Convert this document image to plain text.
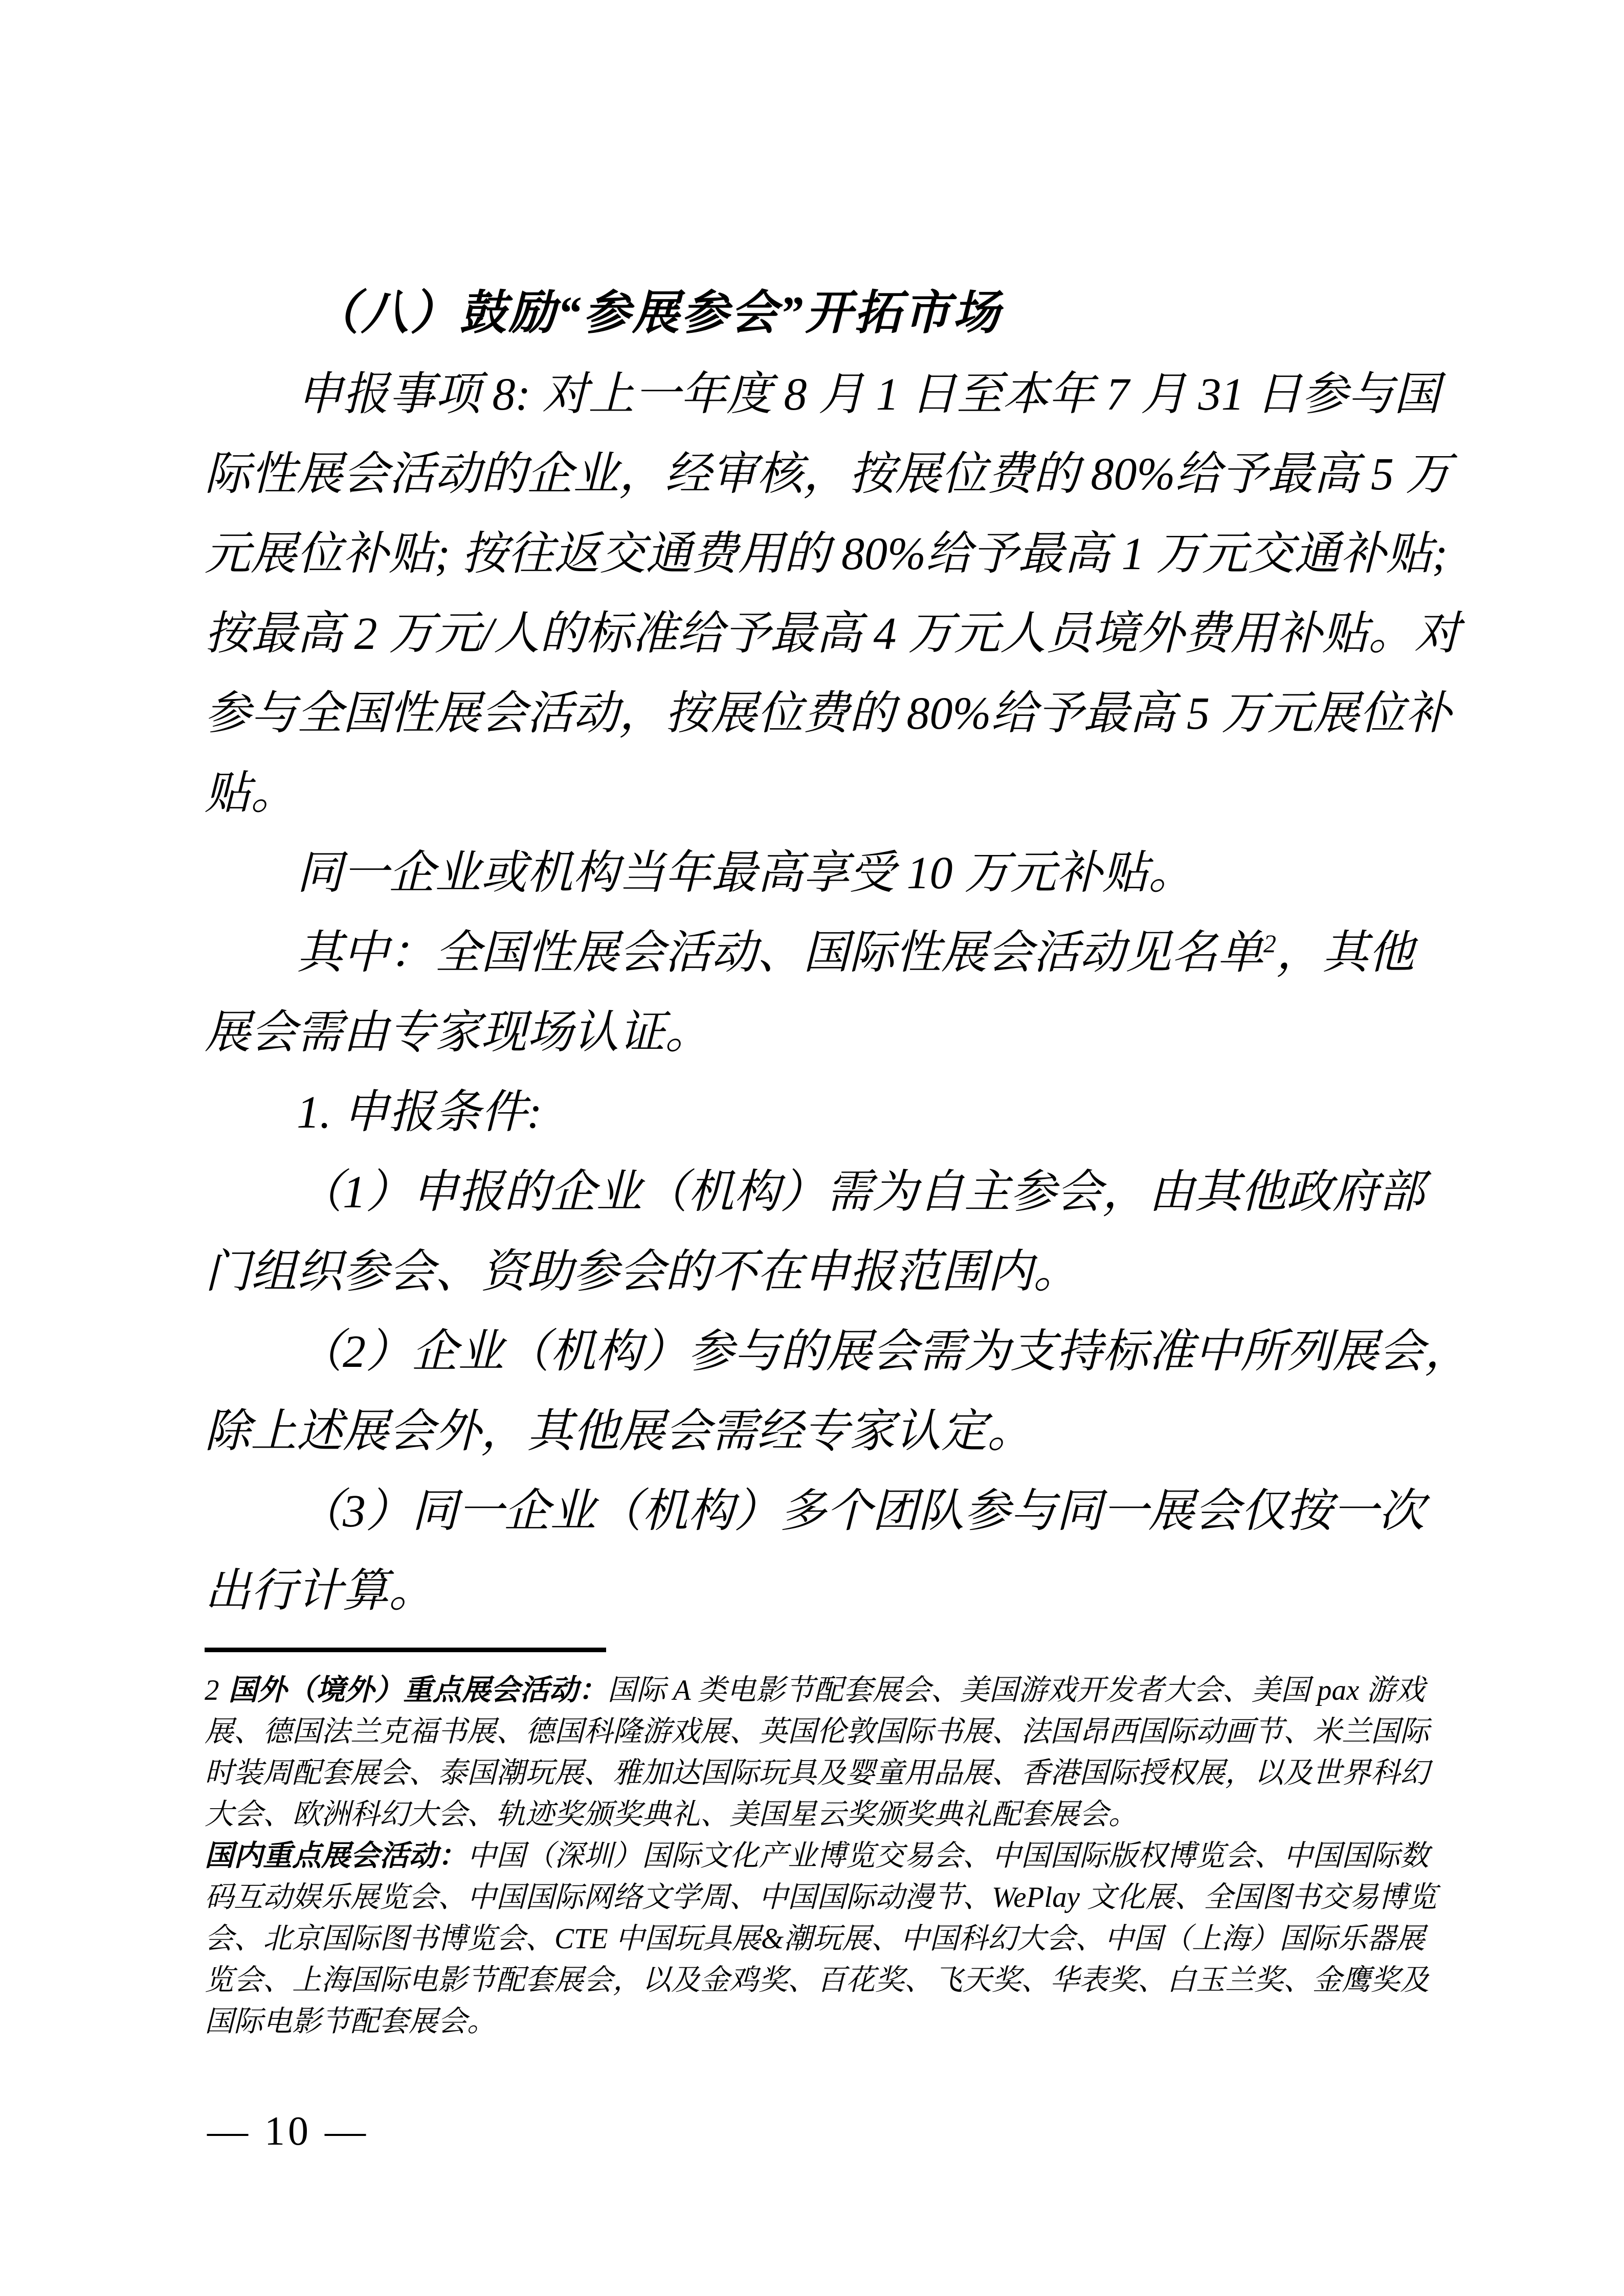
（八）鼓励“参展参会”开拓市场
申报事项 8: 对上一年度 8 月 1 日至本年 7 月 31 日参与国
际性展会活动的企业，经审核，按展位费的 80%给予最高 5 万
元展位补贴; 按往返交通费用的 80%给予最高 1 万元交通补贴;
按最高 2 万元/人的标准给予最高 4 万元人员境外费用补贴。对
参与全国性展会活动，按展位费的 80%给予最高 5 万元展位补
贴。
同一企业或机构当年最高享受 10 万元补贴。
其中：全国性展会活动、国际性展会活动见名单$^2$，其他
展会需由专家现场认证。
1. 申报条件:
（1）申报的企业（机构）需为自主参会，由其他政府部
门组织参会、资助参会的不在申报范围内。
（2）企业（机构）参与的展会需为支持标准中所列展会，
除上述展会外，其他展会需经专家认定。
（3）同一企业（机构）多个团队参与同一展会仅按一次
出行计算。
2 国外（境外）重点展会活动：国际 A 类电影节配套展会、美国游戏开发者大会、美国 pax 游戏
展、德国法兰克福书展、德国科隆游戏展、英国伦敦国际书展、法国昂西国际动画节、米兰国际
时装周配套展会、泰国潮玩展、雅加达国际玩具及婴童用品展、香港国际授权展，以及世界科幻
大会、欧洲科幻大会、轨迹奖颁奖典礼、美国星云奖颁奖典礼配套展会。
国内重点展会活动：中国（深圳）国际文化产业博览交易会、中国国际版权博览会、中国国际数
码互动娱乐展览会、中国国际网络文学周、中国国际动漫节、WePlay 文化展、全国图书交易博览
会、北京国际图书博览会、CTE 中国玩具展&潮玩展、中国科幻大会、中国（上海）国际乐器展
览会、上海国际电影节配套展会，以及金鸡奖、百花奖、飞天奖、华表奖、白玉兰奖、金鹰奖及
国际电影节配套展会。
— 10 —
